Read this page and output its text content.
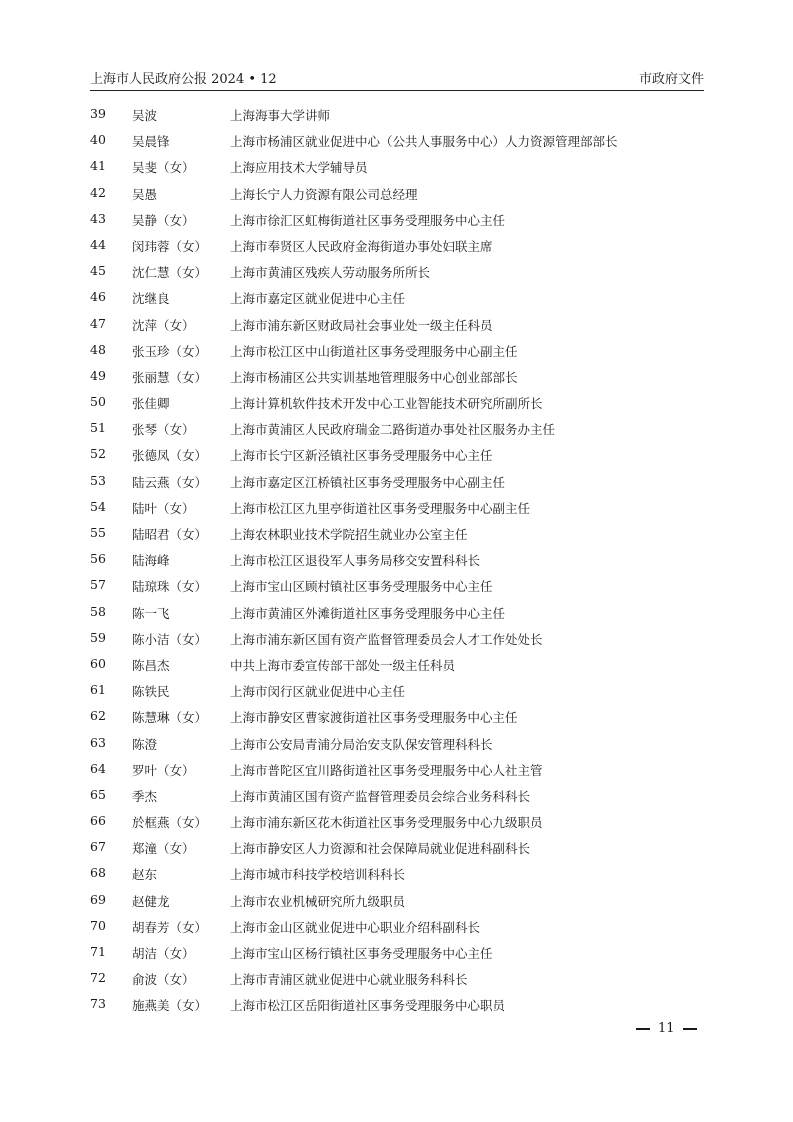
上海市人民政府公报 2024 • 12	市政府文件
39 吴波	上海海事大学讲师
40 吴晨锋	上海市杨浦区就业促进中心（公共人事服务中心）人力资源管理部部长
41 吴斐（女）	上海应用技术大学辅导员
42 吴愚	上海长宁人力资源有限公司总经理
43 吴静（女）	上海市徐汇区虹梅街道社区事务受理服务中心主任
44 闵玮蓉（女） 上海市奉贤区人民政府金海街道办事处妇联主席
45 沈仁慧（女） 上海市黄浦区残疾人劳动服务所所长
46 沈继良	上海市嘉定区就业促进中心主任
47 沈萍（女）	上海市浦东新区财政局社会事业处一级主任科员
48 张玉珍（女） 上海市松江区中山街道社区事务受理服务中心副主任
49 张丽慧（女） 上海市杨浦区公共实训基地管理服务中心创业部部长
50 张佳卿	上海计算机软件技术开发中心工业智能技术研究所副所长
51 张琴（女）	上海市黄浦区人民政府瑞金二路街道办事处社区服务办主任
52 张德凤（女） 上海市长宁区新泾镇社区事务受理服务中心主任
53 陆云燕（女） 上海市嘉定区江桥镇社区事务受理服务中心副主任
54 陆叶（女）	上海市松江区九里亭街道社区事务受理服务中心副主任
55 陆昭君（女） 上海农林职业技术学院招生就业办公室主任
56 陆海峰	上海市松江区退役军人事务局移交安置科科长
57 陆琼珠（女） 上海市宝山区顾村镇社区事务受理服务中心主任
58 陈一飞	上海市黄浦区外滩街道社区事务受理服务中心主任
59 陈小洁（女） 上海市浦东新区国有资产监督管理委员会人才工作处处长
60 陈昌杰	中共上海市委宣传部干部处一级主任科员
61 陈铁民	上海市闵行区就业促进中心主任
62 陈慧琳（女） 上海市静安区曹家渡街道社区事务受理服务中心主任
63 陈澄	上海市公安局青浦分局治安支队保安管理科科长
64 罗叶（女）	上海市普陀区宜川路街道社区事务受理服务中心人社主管
65 季杰	上海市黄浦区国有资产监督管理委员会综合业务科科长
66 於框燕（女） 上海市浦东新区花木街道社区事务受理服务中心九级职员
67 郑潼（女）	上海市静安区人力资源和社会保障局就业促进科副科长
68 赵东	上海市城市科技学校培训科科长
69 赵健龙	上海市农业机械研究所九级职员
70 胡春芳（女） 上海市金山区就业促进中心职业介绍科副科长
71 胡洁（女）	上海市宝山区杨行镇社区事务受理服务中心主任
72 俞波（女）	上海市青浦区就业促进中心就业服务科科长
73 施燕美（女） 上海市松江区岳阳街道社区事务受理服务中心职员
11
